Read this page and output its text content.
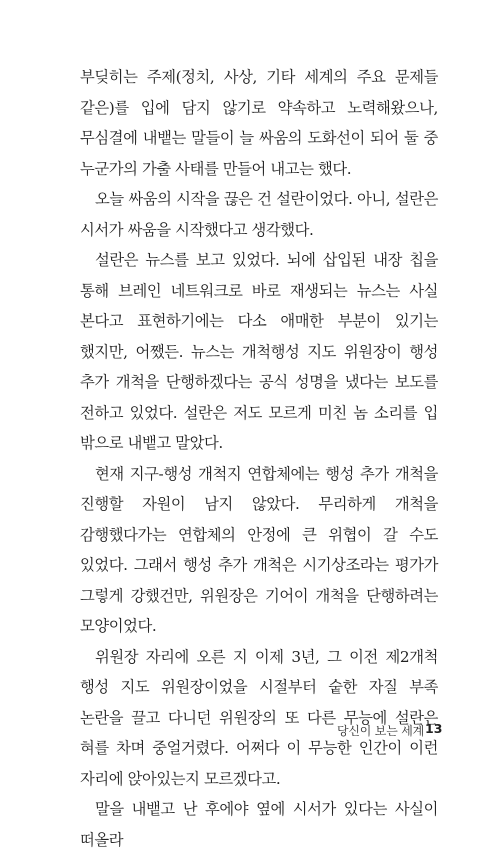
부딪히는 주제(정치, 사상, 기타 세계의 주요 문제들 같은)를 입에 담지 않기로 약속하고 노력해왔으나, 무심결에 내뱉는 말들이 늘 싸움의 도화선이 되어 둘 중 누군가의 가출 사태를 만들어 내고는 했다.

오늘 싸움의 시작을 끊은 건 설란이었다. 아니, 설란은 시서가 싸움을 시작했다고 생각했다.

설란은 뉴스를 보고 있었다. 뇌에 삽입된 내장 칩을 통해 브레인 네트워크로 바로 재생되는 뉴스는 사실 본다고 표현하기에는 다소 애매한 부분이 있기는 했지만, 어쨌든. 뉴스는 개척행성 지도 위원장이 행성 추가 개척을 단행하겠다는 공식 성명을 냈다는 보도를 전하고 있었다. 설란은 저도 모르게 미친 놈 소리를 입 밖으로 내뱉고 말았다.

현재 지구-행성 개척지 연합체에는 행성 추가 개척을 진행할 자원이 남지 않았다. 무리하게 개척을 감행했다가는 연합체의 안정에 큰 위협이 갈 수도 있었다. 그래서 행성 추가 개척은 시기상조라는 평가가 그렇게 강했건만, 위원장은 기어이 개척을 단행하려는 모양이었다.

위원장 자리에 오른 지 이제 3년, 그 이전 제2개척 행성 지도 위원장이었을 시절부터 숱한 자질 부족 논란을 끌고 다니던 위원장의 또 다른 무능에 설란은 혀를 차며 중얼거렸다. 어쩌다 이 무능한 인간이 이런 자리에 앉아있는지 모르겠다고.

말을 내뱉고 난 후에야 옆에 시서가 있다는 사실이 떠올라

당신이 보는 세계 13
